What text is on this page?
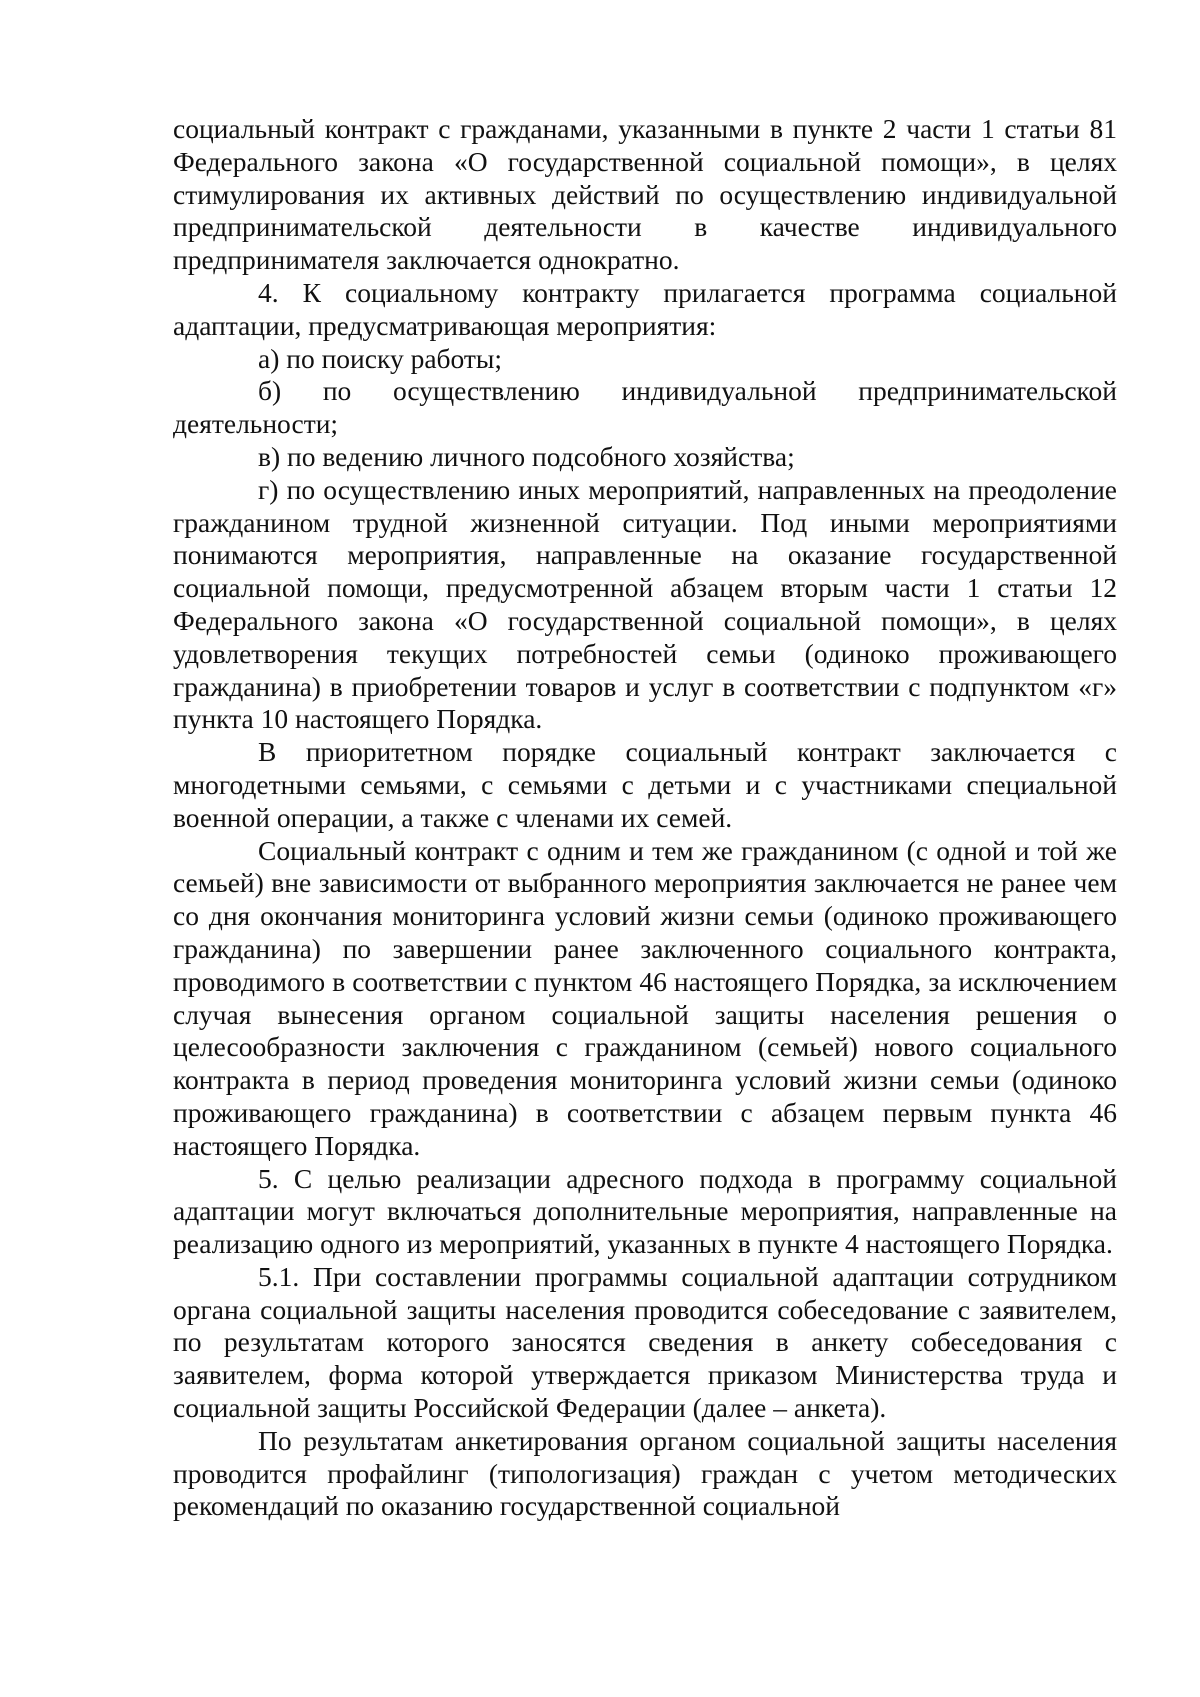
социальный контракт с гражданами, указанными в пункте 2 части 1 статьи 81 Федерального закона «О государственной социальной помощи», в целях стимулирования их активных действий по осуществлению индивидуальной предпринимательской деятельности в качестве индивидуального предпринимателя заключается однократно.

4. К социальному контракту прилагается программа социальной адаптации, предусматривающая мероприятия:

а) по поиску работы;

б) по осуществлению индивидуальной предпринимательской деятельности;

в) по ведению личного подсобного хозяйства;

г) по осуществлению иных мероприятий, направленных на преодоление гражданином трудной жизненной ситуации. Под иными мероприятиями понимаются мероприятия, направленные на оказание государственной социальной помощи, предусмотренной абзацем вторым части 1 статьи 12 Федерального закона «О государственной социальной помощи», в целях удовлетворения текущих потребностей семьи (одиноко проживающего гражданина) в приобретении товаров и услуг в соответствии с подпунктом «г» пункта 10 настоящего Порядка.

В приоритетном порядке социальный контракт заключается с многодетными семьями, с семьями с детьми и с участниками специальной военной операции, а также с членами их семей.

Социальный контракт с одним и тем же гражданином (с одной и той же семьей) вне зависимости от выбранного мероприятия заключается не ранее чем со дня окончания мониторинга условий жизни семьи (одиноко проживающего гражданина) по завершении ранее заключенного социального контракта, проводимого в соответствии с пунктом 46 настоящего Порядка, за исключением случая вынесения органом социальной защиты населения решения о целесообразности заключения с гражданином (семьей) нового социального контракта в период проведения мониторинга условий жизни семьи (одиноко проживающего гражданина) в соответствии с абзацем первым пункта 46 настоящего Порядка.

5. С целью реализации адресного подхода в программу социальной адаптации могут включаться дополнительные мероприятия, направленные на реализацию одного из мероприятий, указанных в пункте 4 настоящего Порядка.

5.1. При составлении программы социальной адаптации сотрудником органа социальной защиты населения проводится собеседование с заявителем, по результатам которого заносятся сведения в анкету собеседования с заявителем, форма которой утверждается приказом Министерства труда и социальной защиты Российской Федерации (далее – анкета).

По результатам анкетирования органом социальной защиты населения проводится профайлинг (типологизация) граждан с учетом методических рекомендаций по оказанию государственной социальной
